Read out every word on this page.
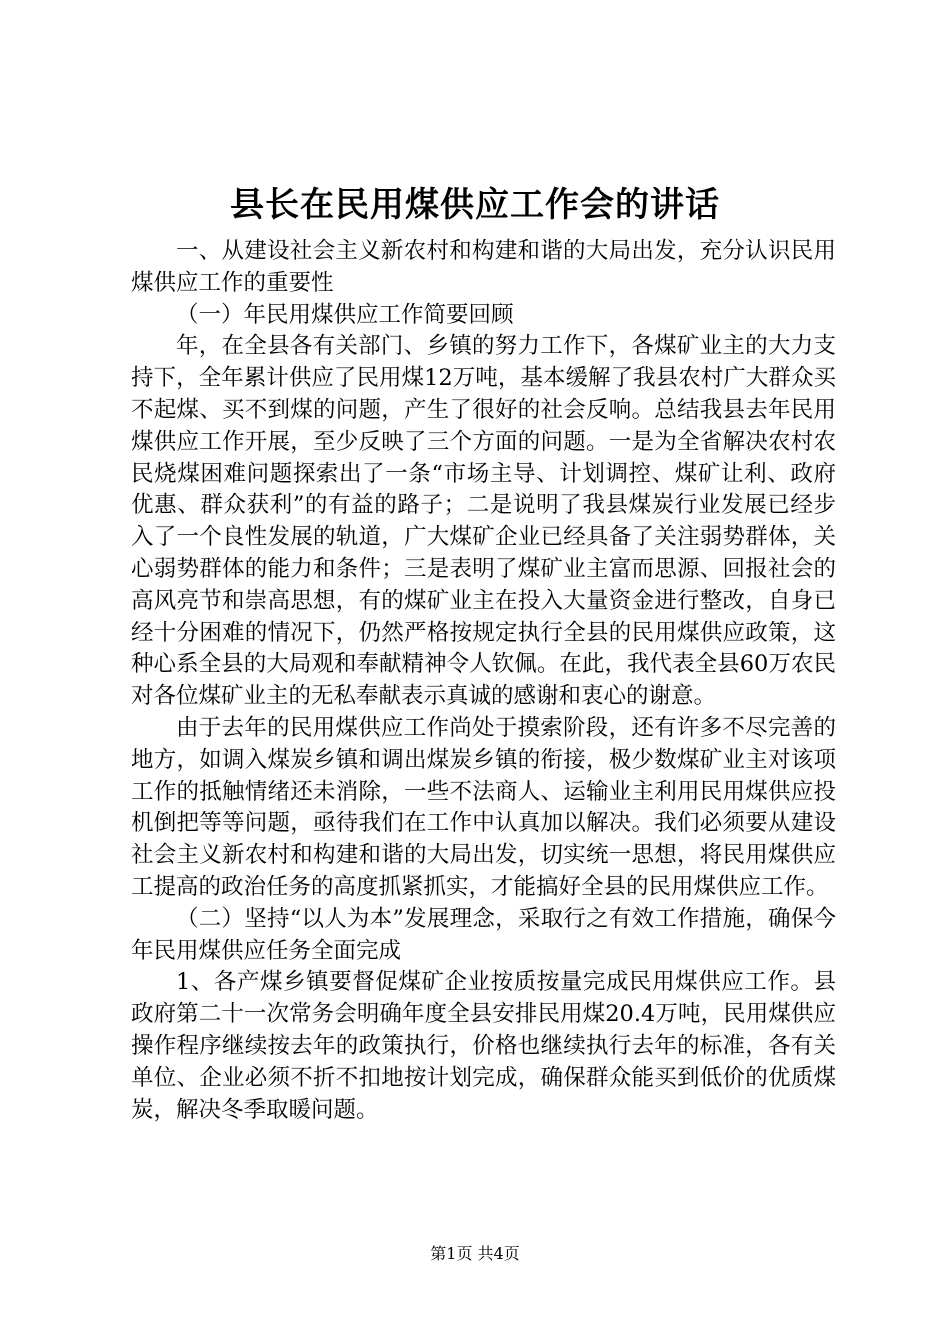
县长在民用煤供应工作会的讲话

一、从建设社会主义新农村和构建和谐的大局出发，充分认识民用煤供应工作的重要性

（一）年民用煤供应工作简要回顾

年，在全县各有关部门、乡镇的努力工作下，各煤矿业主的大力支持下，全年累计供应了民用煤12万吨，基本缓解了我县农村广大群众买不起煤、买不到煤的问题，产生了很好的社会反响。总结我县去年民用煤供应工作开展，至少反映了三个方面的问题。一是为全省解决农村农民烧煤困难问题探索出了一条“市场主导、计划调控、煤矿让利、政府优惠、群众获利”的有益的路子；二是说明了我县煤炭行业发展已经步入了一个良性发展的轨道，广大煤矿企业已经具备了关注弱势群体，关心弱势群体的能力和条件；三是表明了煤矿业主富而思源、回报社会的高风亮节和崇高思想，有的煤矿业主在投入大量资金进行整改，自身已经十分困难的情况下，仍然严格按规定执行全县的民用煤供应政策，这种心系全县的大局观和奉献精神令人钦佩。在此，我代表全县60万农民对各位煤矿业主的无私奉献表示真诚的感谢和衷心的谢意。

由于去年的民用煤供应工作尚处于摸索阶段，还有许多不尽完善的地方，如调入煤炭乡镇和调出煤炭乡镇的衔接，极少数煤矿业主对该项工作的抵触情绪还未消除，一些不法商人、运输业主利用民用煤供应投机倒把等等问题，亟待我们在工作中认真加以解决。我们必须要从建设社会主义新农村和构建和谐的大局出发，切实统一思想，将民用煤供应工提高的政治任务的高度抓紧抓实，才能搞好全县的民用煤供应工作。

（二）坚持“以人为本”发展理念，采取行之有效工作措施，确保今年民用煤供应任务全面完成

1、各产煤乡镇要督促煤矿企业按质按量完成民用煤供应工作。县政府第二十一次常务会明确年度全县安排民用煤20.4万吨，民用煤供应操作程序继续按去年的政策执行，价格也继续执行去年的标准，各有关单位、企业必须不折不扣地按计划完成，确保群众能买到低价的优质煤炭，解决冬季取暖问题。

第1页 共4页
